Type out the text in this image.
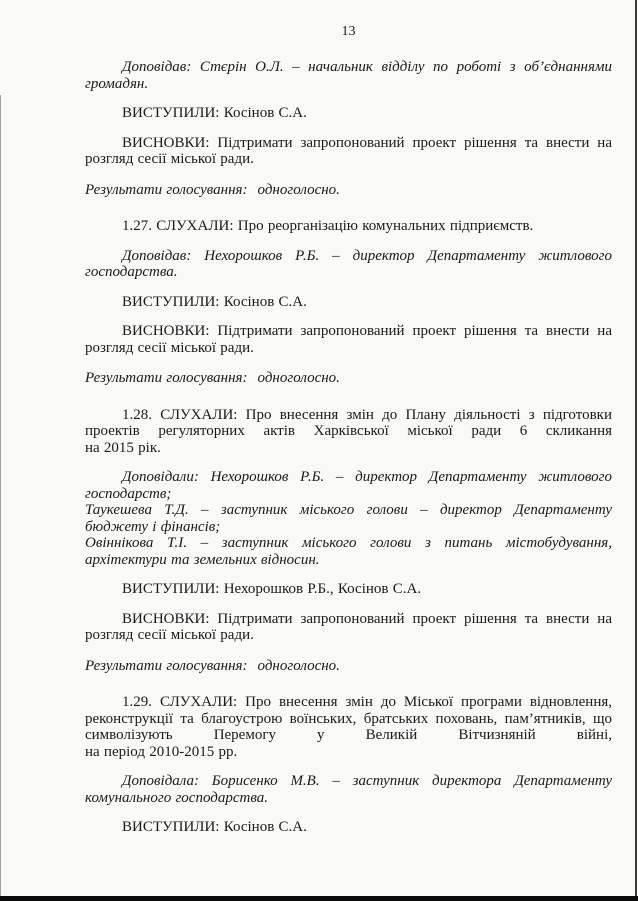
13

Доповідав: Стєрін О.Л. – начальник відділу по роботі з об’єднаннями громадян.

ВИСТУПИЛИ: Косінов С.А.

ВИСНОВКИ: Підтримати запропонований проект рішення та внести на розгляд сесії міської ради.

Результати голосування: одноголосно.

1.27. СЛУХАЛИ: Про реорганізацію комунальних підприємств.

Доповідав: Нехорошков Р.Б. – директор Департаменту житлового господарства.

ВИСТУПИЛИ: Косінов С.А.

ВИСНОВКИ: Підтримати запропонований проект рішення та внести на розгляд сесії міської ради.

Результати голосування: одноголосно.

1.28. СЛУХАЛИ: Про внесення змін до Плану діяльності з підготовки проектів регуляторних актів Харківської міської ради 6 скликання

на 2015 рік.

Доповідали: Нехорошков Р.Б. – директор Департаменту житлового господарств;

Таукешева Т.Д. – заступник міського голови – директор Департаменту бюджету і фінансів;

Овіннікова Т.І. – заступник міського голови з питань містобудування, архітектури та земельних відносин.

ВИСТУПИЛИ: Нехорошков Р.Б., Косінов С.А.

ВИСНОВКИ: Підтримати запропонований проект рішення та внести на розгляд сесії міської ради.

Результати голосування: одноголосно.

1.29. СЛУХАЛИ: Про внесення змін до Міської програми відновлення, реконструкції та благоустрою воїнських, братських поховань, пам’ятників, що символізують Перемогу у Великій Вітчизняній війні,

на період 2010-2015 рр.

Доповідала: Борисенко М.В. – заступник директора Департаменту комунального господарства.

ВИСТУПИЛИ: Косінов С.А.
